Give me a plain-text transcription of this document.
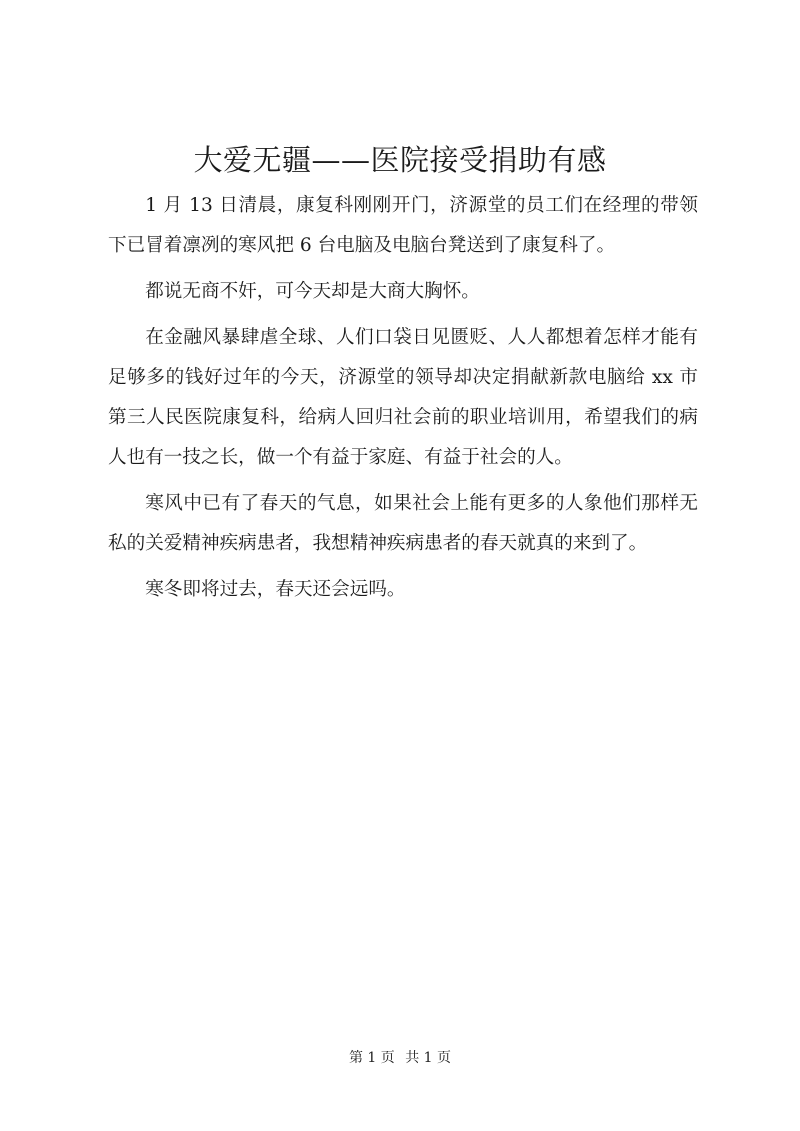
大爱无疆——医院接受捐助有感

1 月 13 日清晨，康复科刚刚开门，济源堂的员工们在经理的带领下已冒着凛冽的寒风把 6 台电脑及电脑台凳送到了康复科了。

都说无商不奸，可今天却是大商大胸怀。

在金融风暴肆虐全球、人们口袋日见匮贬、人人都想着怎样才能有足够多的钱好过年的今天，济源堂的领导却决定捐献新款电脑给 xx 市第三人民医院康复科，给病人回归社会前的职业培训用，希望我们的病人也有一技之长，做一个有益于家庭、有益于社会的人。

寒风中已有了春天的气息，如果社会上能有更多的人象他们那样无私的关爱精神疾病患者，我想精神疾病患者的春天就真的来到了。

寒冬即将过去，春天还会远吗。

第 1 页 共 1 页
